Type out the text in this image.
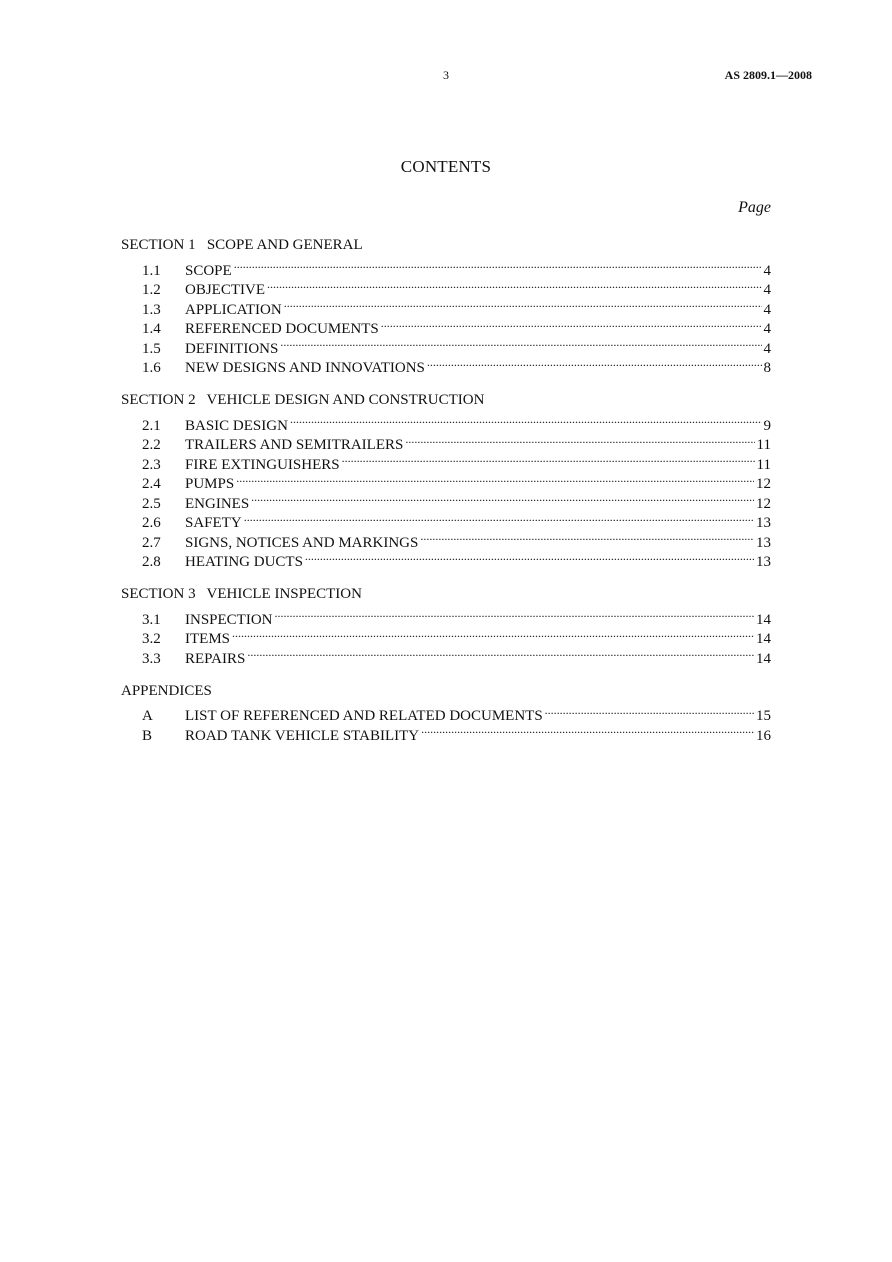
3	AS 2809.1—2008
CONTENTS
Page
SECTION 1   SCOPE AND GENERAL
1.1	SCOPE .....	4
1.2	OBJECTIVE .....	4
1.3	APPLICATION .....	4
1.4	REFERENCED DOCUMENTS .....	4
1.5	DEFINITIONS .....	4
1.6	NEW DESIGNS AND INNOVATIONS .....	8
SECTION 2   VEHICLE DESIGN AND CONSTRUCTION
2.1	BASIC DESIGN .....	9
2.2	TRAILERS AND SEMITRAILERS .....	11
2.3	FIRE EXTINGUISHERS .....	11
2.4	PUMPS .....	12
2.5	ENGINES .....	12
2.6	SAFETY .....	13
2.7	SIGNS, NOTICES AND MARKINGS .....	13
2.8	HEATING DUCTS .....	13
SECTION 3   VEHICLE INSPECTION
3.1	INSPECTION .....	14
3.2	ITEMS .....	14
3.3	REPAIRS .....	14
APPENDICES
A	LIST OF REFERENCED AND RELATED DOCUMENTS .....	15
B	ROAD TANK VEHICLE STABILITY .....	16
